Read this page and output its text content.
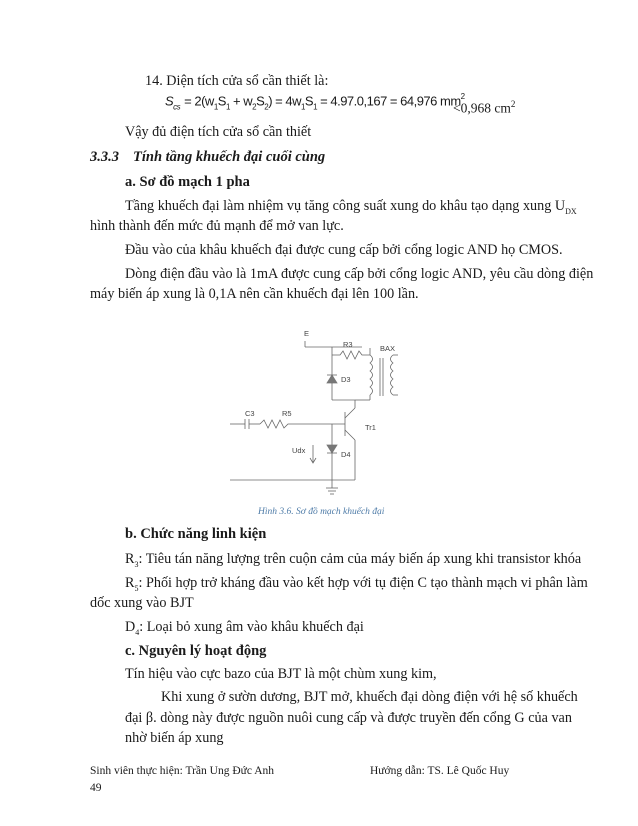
14. Diện tích cửa sổ cần thiết là:
$S_{cs} = 2(w_1S_1 + w_2S_2) = 4w_1S_1 = 4.97.0,167 = 64,976$ $mm^2$
<0,968 $cm^2$
Vậy đủ điện tích cửa sổ cần thiết
3.3.3 Tính tầng khuếch đại cuối cùng
a. Sơ đồ mạch 1 pha
Tầng khuếch đại làm nhiệm vụ tăng công suất xung do khâu tạo dạng xung $U_{DX}$
hình thành đến mức đủ mạnh để mở van lực.
Đầu vào của khâu khuếch đại được cung cấp bởi cổng logic AND họ CMOS.
Dòng điện đầu vào là 1mA được cung cấp bởi cổng logic AND, yêu cầu dòng điện
máy biến áp xung là 0,1A nên cần khuếch đại lên 100 lần.
E
R3	BAX
D3
C3	R5
Tr1
Udx	D4
Hình 3.6. Sơ đồ mạch khuếch đại
b. Chức năng linh kiện
$R_3$: Tiêu tán năng lượng trên cuộn cảm của máy biến áp xung khi transistor khóa
$R_5$: Phối hợp trở kháng đầu vào kết hợp với tụ điện C tạo thành mạch vi phân làm
dốc xung vào BJT
$D_4$: Loại bỏ xung âm vào khâu khuếch đại
c. Nguyên lý hoạt động
Tín hiệu vào cực bazo của BJT là một chùm xung kim,
Khi xung ở sườn dương, BJT mở, khuếch đại dòng điện với hệ số khuếch
đại β. dòng này được nguồn nuôi cung cấp và được truyền đến cổng G của van
nhờ biến áp xung
Sinh viên thực hiện: Trần Ung Đức Anh	Hướng dẫn: TS. Lê Quốc Huy
49
